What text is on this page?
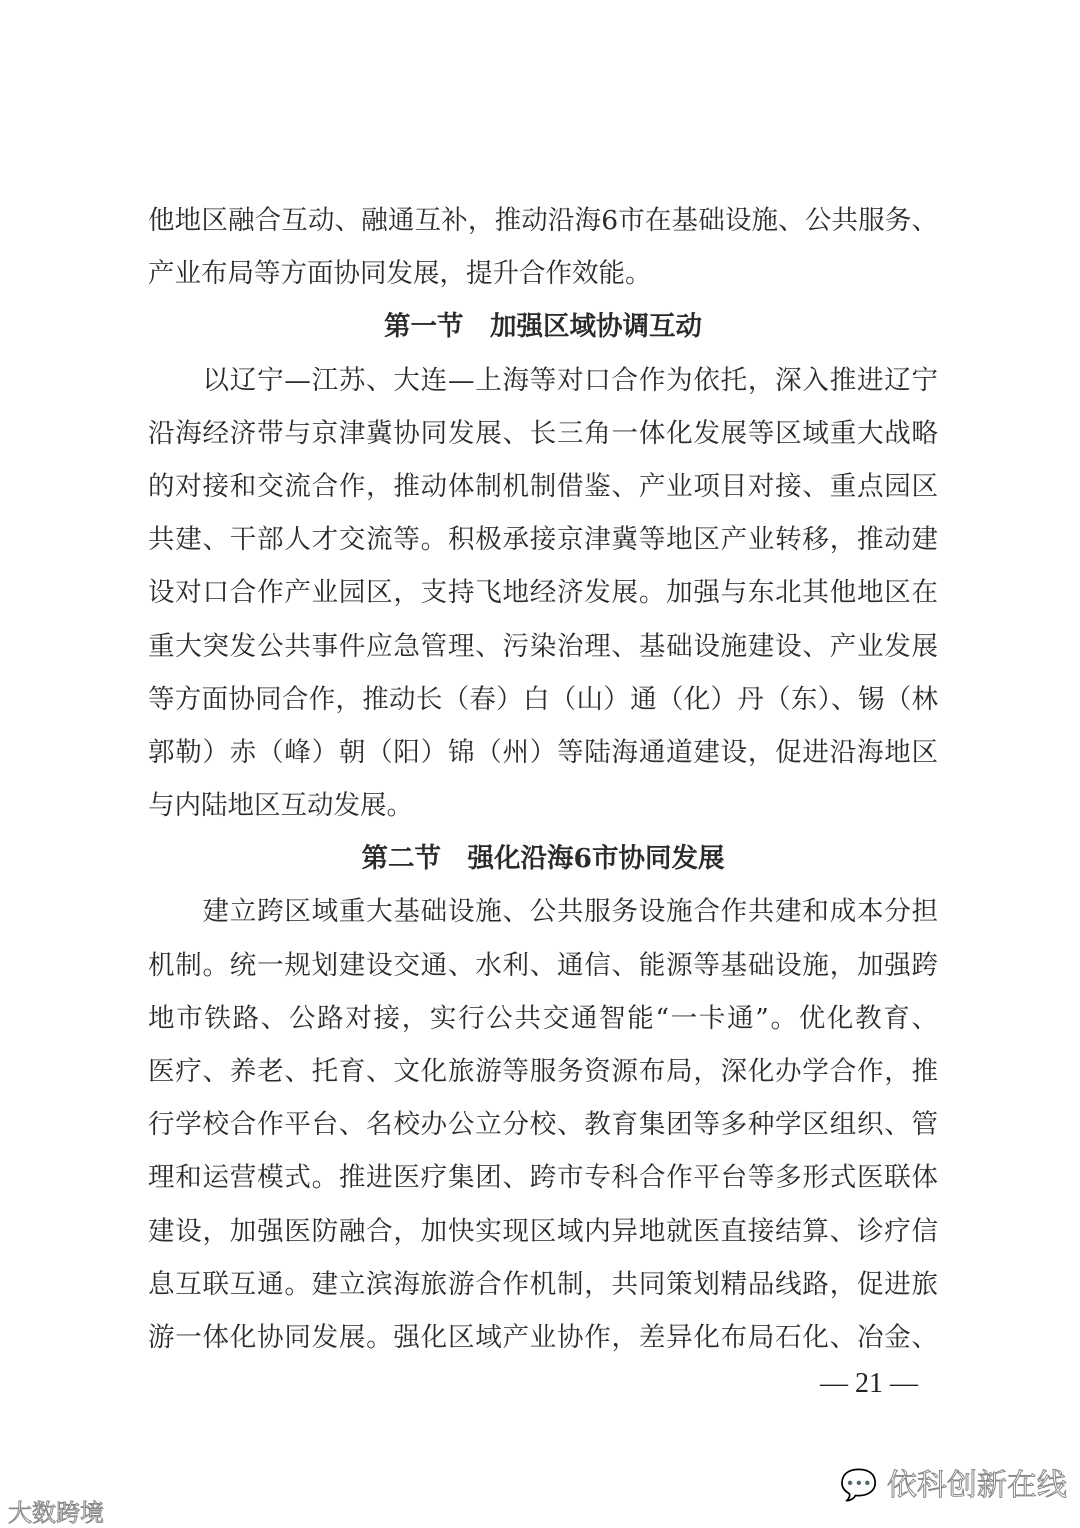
他地区融合互动、融通互补，推动沿海6市在基础设施、公共服务、
产业布局等方面协同发展，提升合作效能。
第一节　加强区域协调互动
　　以辽宁—江苏、大连—上海等对口合作为依托，深入推进辽宁
沿海经济带与京津冀协同发展、长三角一体化发展等区域重大战略
的对接和交流合作，推动体制机制借鉴、产业项目对接、重点园区
共建、干部人才交流等。积极承接京津冀等地区产业转移，推动建
设对口合作产业园区，支持飞地经济发展。加强与东北其他地区在
重大突发公共事件应急管理、污染治理、基础设施建设、产业发展
等方面协同合作，推动长（春）白（山）通（化）丹（东）、锡（林
郭勒）赤（峰）朝（阳）锦（州）等陆海通道建设，促进沿海地区
与内陆地区互动发展。
第二节　强化沿海6市协同发展
　　建立跨区域重大基础设施、公共服务设施合作共建和成本分担
机制。统一规划建设交通、水利、通信、能源等基础设施，加强跨
地市铁路、公路对接，实行公共交通智能“一卡通”。优化教育、
医疗、养老、托育、文化旅游等服务资源布局，深化办学合作，推
行学校合作平台、名校办公立分校、教育集团等多种学区组织、管
理和运营模式。推进医疗集团、跨市专科合作平台等多形式医联体
建设，加强医防融合，加快实现区域内异地就医直接结算、诊疗信
息互联互通。建立滨海旅游合作机制，共同策划精品线路，促进旅
游一体化协同发展。强化区域产业协作，差异化布局石化、冶金、
— 21 —
💬 依科创新在线
大数跨境
